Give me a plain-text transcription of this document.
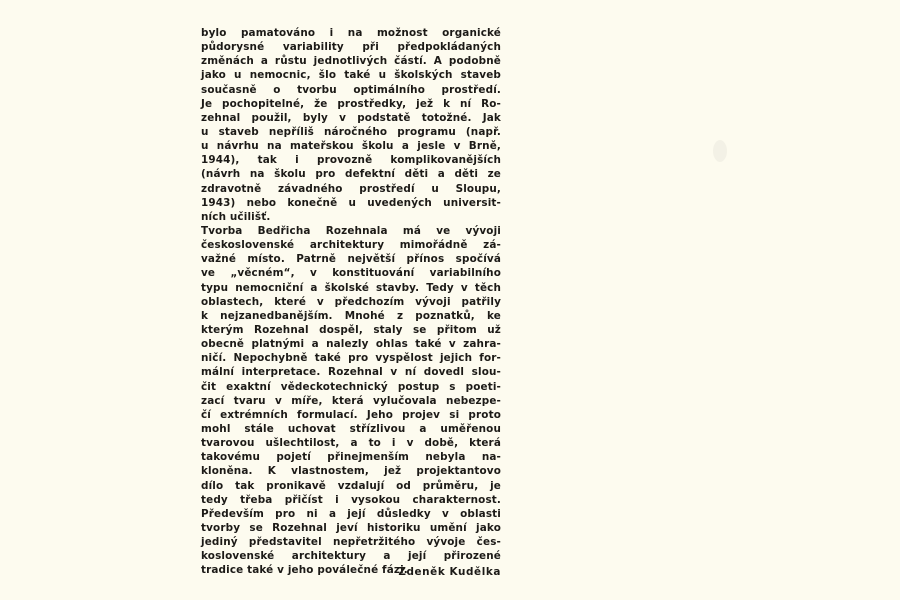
bylo pamatováno i na možnost organické
půdorysné variability při předpokládaných
změnách a růstu jednotlivých částí. A podobně
jako u nemocnic, šlo také u školských staveb
současně o tvorbu optimálního prostředí.
Je pochopitelné, že prostředky, jež k ní Ro-
zehnal použil, byly v podstatě totožné. Jak
u staveb nepříliš náročného programu (např.
u návrhu na mateřskou školu a jesle v Brně,
1944), tak i provozně komplikovanějších
(návrh na školu pro defektní děti a děti ze
zdravotně závadného prostředí u Sloupu,
1943) nebo konečně u uvedených universit-
ních učilišť.
Tvorba Bedřicha Rozehnala má ve vývoji
československé architektury mimořádně zá-
važné místo. Patrně největší přínos spočívá
ve „věcném“, v konstituování variabilního
typu nemocniční a školské stavby. Tedy v těch
oblastech, které v předchozím vývoji patřily
k nejzanedbanějším. Mnohé z poznatků, ke
kterým Rozehnal dospěl, staly se přitom už
obecně platnými a nalezly ohlas také v zahra-
ničí. Nepochybně také pro vyspělost jejich for-
mální interpretace. Rozehnal v ní dovedl slou-
čit exaktní vědeckotechnický postup s poeti-
zací tvaru v míře, která vylučovala nebezpe-
čí extrémních formulací. Jeho projev si proto
mohl stále uchovat střízlivou a uměřenou
tvarovou ušlechtilost, a to i v době, která
takovému pojetí přinejmenším nebyla na-
kloněna. K vlastnostem, jež projektantovo
dílo tak pronikavě vzdalují od průměru, je
tedy třeba přičíst i vysokou charakternost.
Především pro ni a její důsledky v oblasti
tvorby se Rozehnal jeví historiku umění jako
jediný představitel nepřetržitého vývoje čes-
koslovenské architektury a její přirozené
tradice také v jeho poválečné fázi.
Zdeněk Kudělka
